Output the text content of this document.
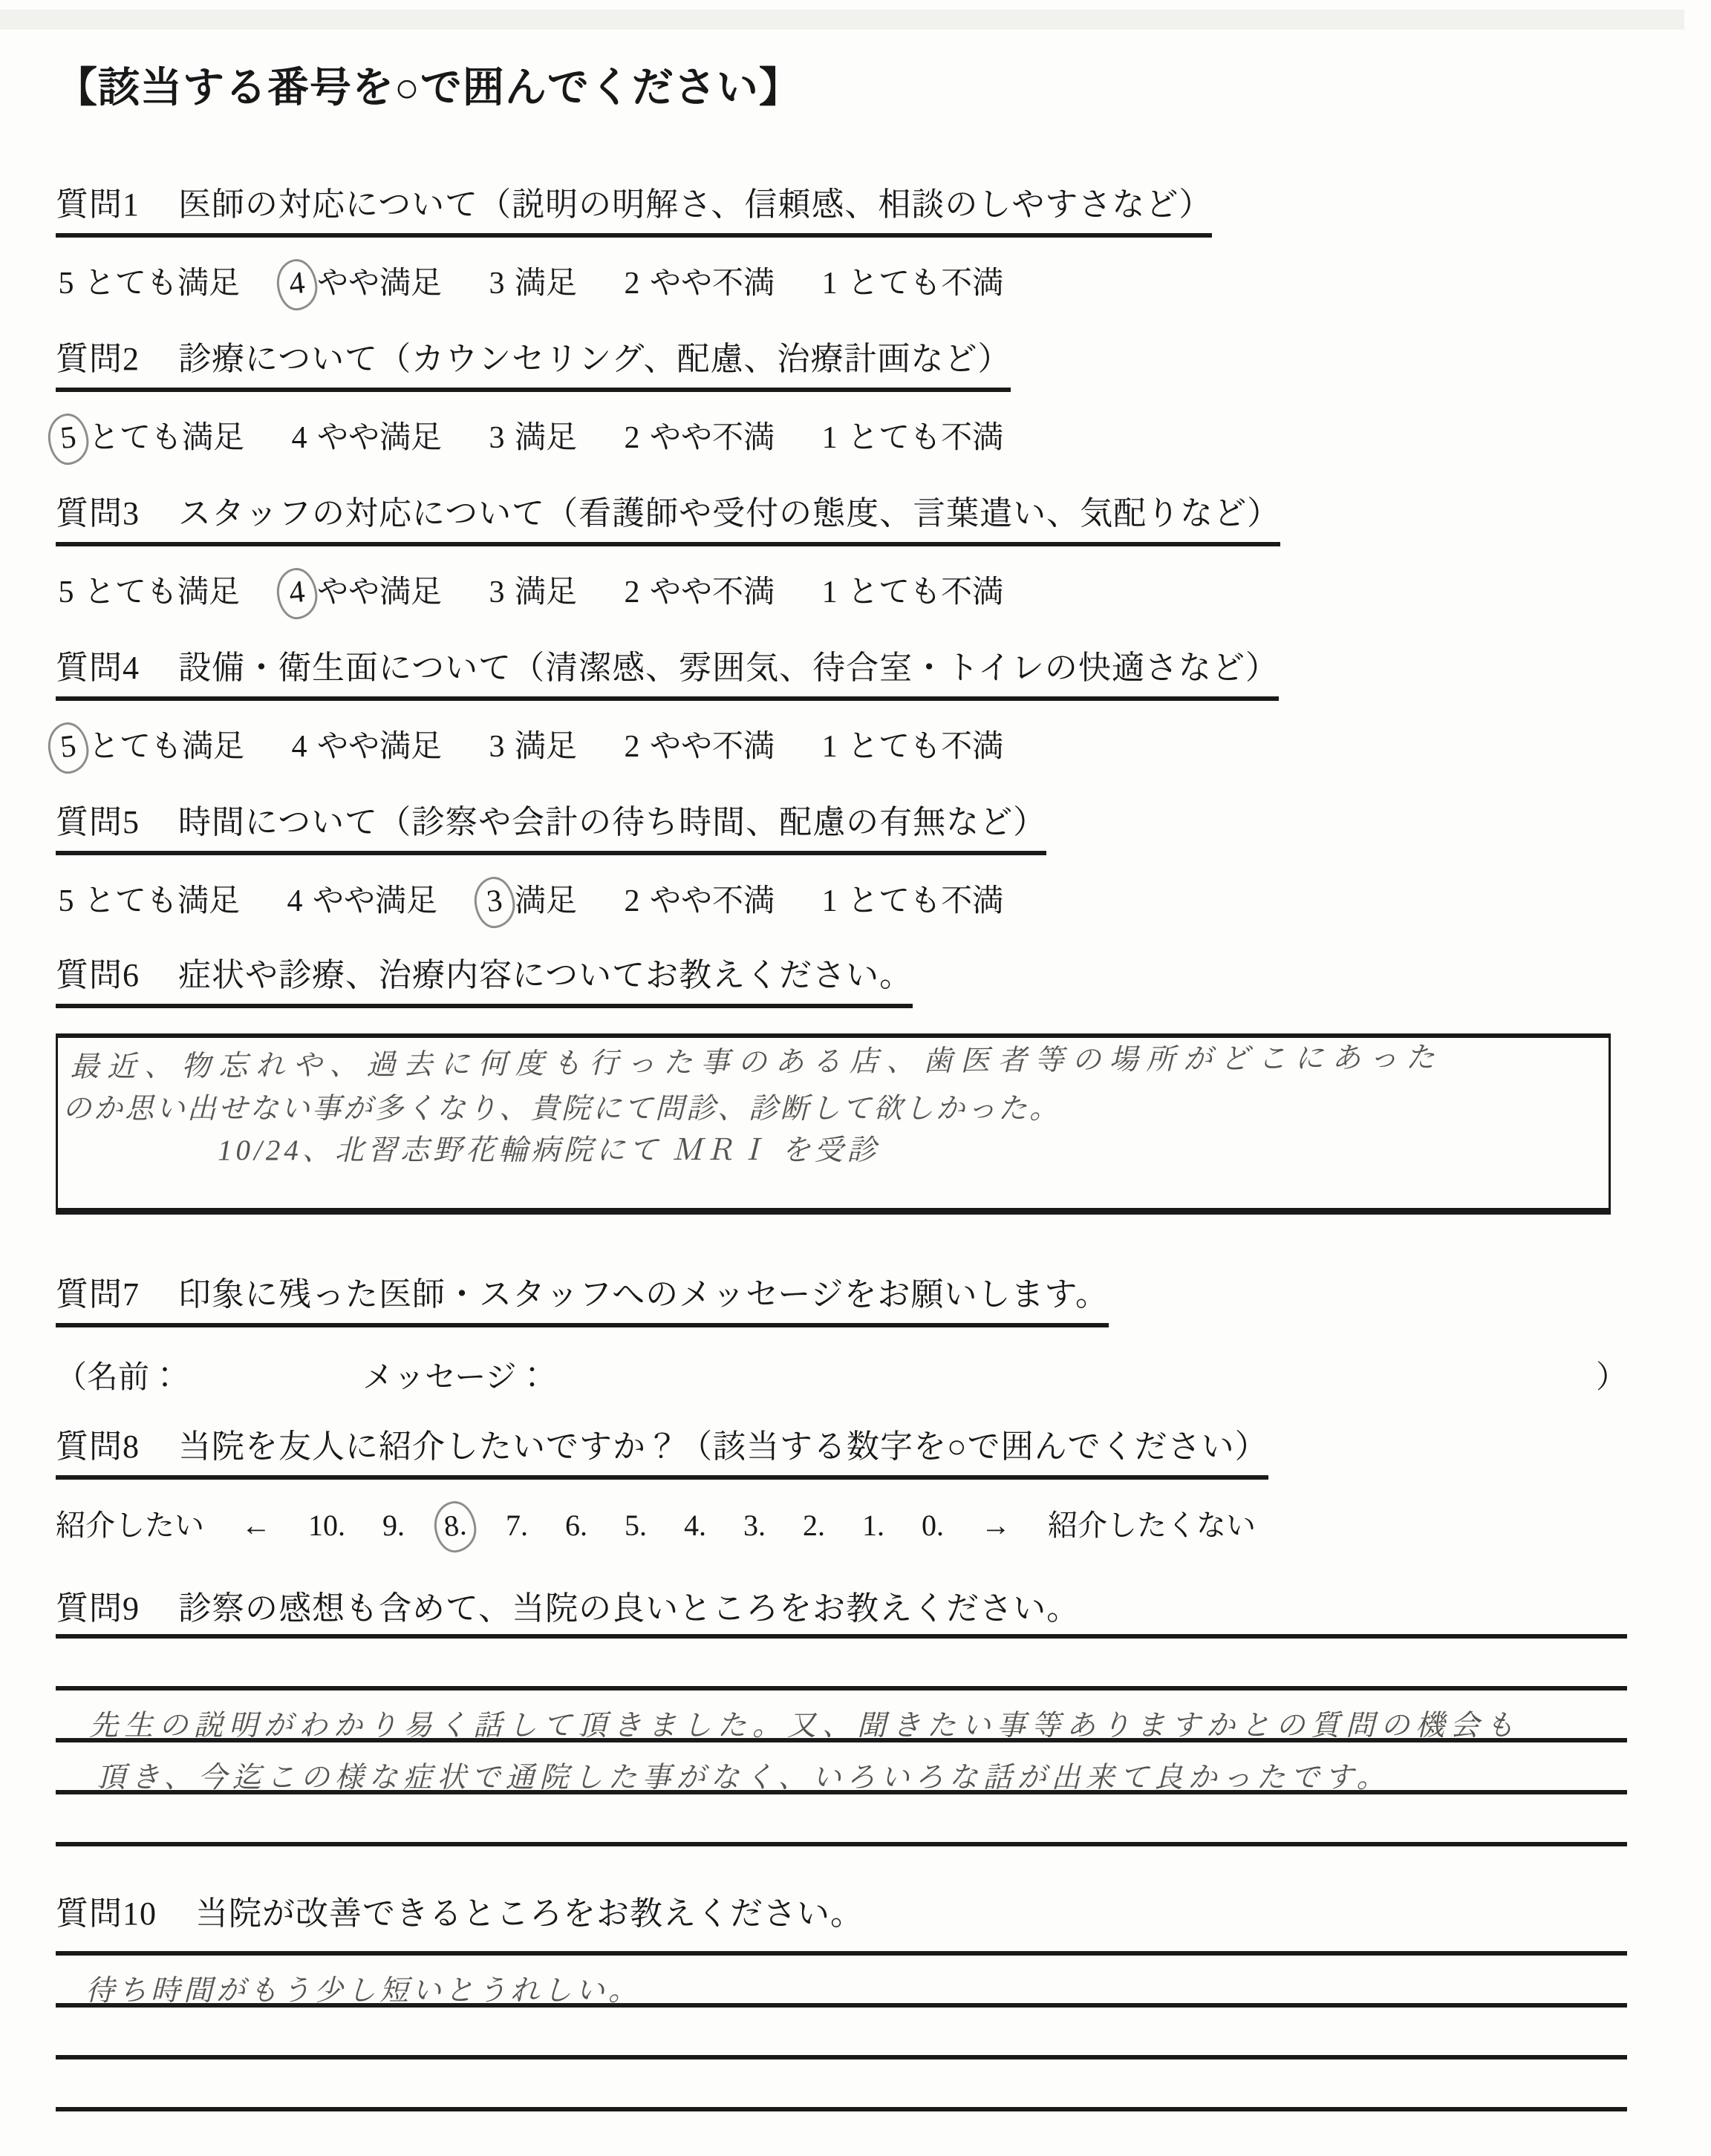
【該当する番号を○で囲んでください】
質問1 医師の対応について（説明の明解さ、信頼感、相談のしやすさなど）
5 とても満足	4 やや満足 3 満足 2 やや不満 1 とても不満
質問2 診療について（カウンセリング、配慮、治療計画など）
5 とても満足 4 やや満足 3 満足 2 やや不満 1 とても不満
質問3 スタッフの対応について（看護師や受付の態度、言葉遣い、気配りなど）
5 とても満足	4 やや満足 3 満足 2 やや不満 1 とても不満
質問4 設備・衛生面について（清潔感、雰囲気、待合室・トイレの快適さなど）
5 とても満足 4 やや満足 3 満足 2 やや不満 1 とても不満
質問5 時間について（診察や会計の待ち時間、配慮の有無など）
5 とても満足 4 やや満足	3 満足 2 やや不満 1 とても不満
質問6 症状や診療、治療内容についてお教えください。
最近、物忘れや、過去に何度も行った事のある店、歯医者等の場所がどこにあった
のか思い出せない事が多くなり、貴院にて問診、診断して欲しかった。
10/24、北習志野花輪病院にて ＭＲＩ を受診
質問7 印象に残った医師・スタッフへのメッセージをお願いします。
（名前：	メッセージ：	）
質問8 当院を友人に紹介したいですか？（該当する数字を○で囲んでください）
紹介したい ← 10. 9.	8.	7. 6. 5. 4. 3. 2. 1. 0. → 紹介したくない
質問9 診察の感想も含めて、当院の良いところをお教えください。
先生の説明がわかり易く話して頂きました。又、聞きたい事等ありますかとの質問の機会も
頂き、今迄この様な症状で通院した事がなく、いろいろな話が出来て良かったです。
質問10 当院が改善できるところをお教えください。
待ち時間がもう少し短いとうれしい。
